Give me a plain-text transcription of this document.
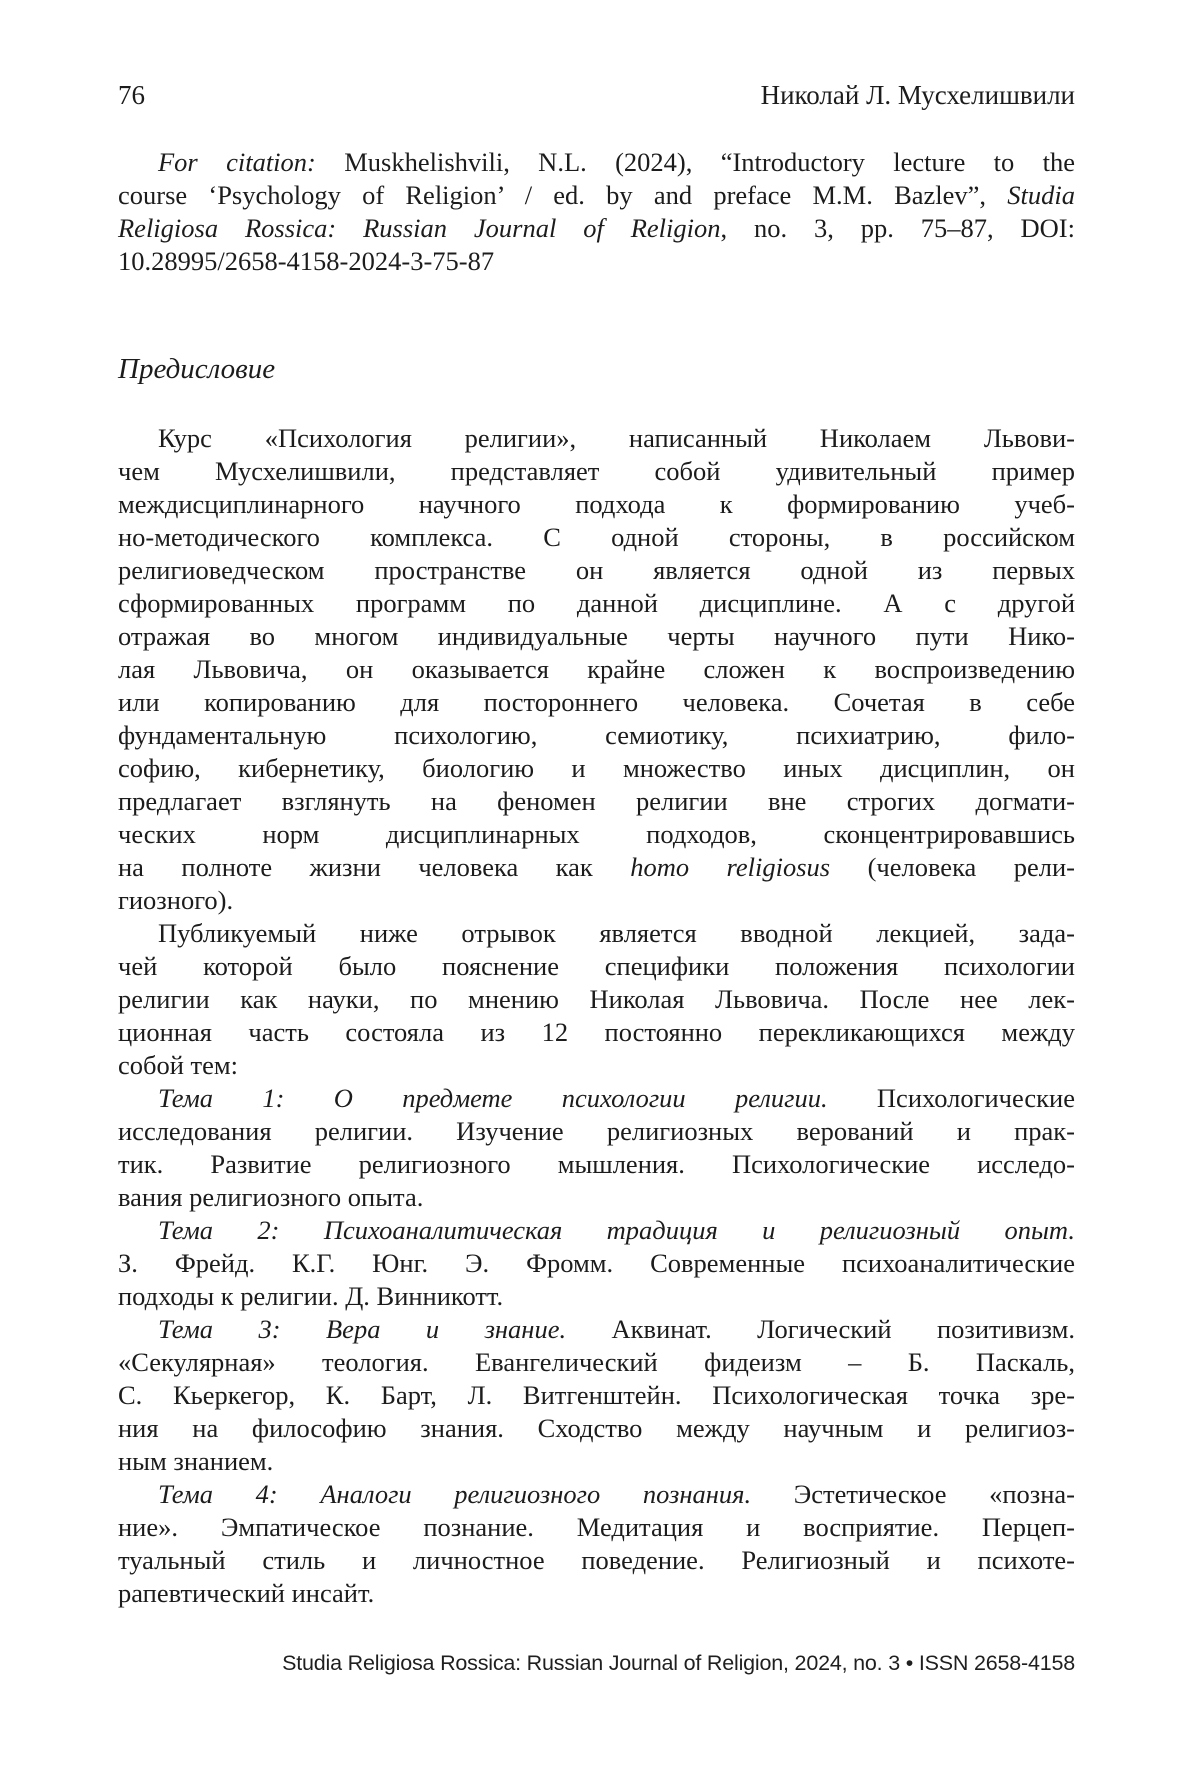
76	Николай Л. Мусхелишвили
For citation: Muskhelishvili, N.L. (2024), “Introductory lecture to the
course ‘Psychology of Religion’ / ed. by and preface M.M. Bazlev”, Studia
Religiosa Rossica: Russian Journal of Religion, no. 3, pp. 75–87, DOI:
10.28995/2658-4158-2024-3-75-87
Предисловие
Курс «Психология религии», написанный Николаем Львови-
чем Мусхелишвили, представляет собой удивительный пример
междисциплинарного научного подхода к формированию учеб-
но-методического комплекса. С одной стороны, в российском
религиоведческом пространстве он является одной из первых
сформированных программ по данной дисциплине. А с другой
отражая во многом индивидуальные черты научного пути Нико-
лая Львовича, он оказывается крайне сложен к воспроизведению
или копированию для постороннего человека. Сочетая в себе
фундаментальную психологию, семиотику, психиатрию, фило-
софию, кибернетику, биологию и множество иных дисциплин, он
предлагает взглянуть на феномен религии вне строгих догмати-
ческих норм дисциплинарных подходов, сконцентрировавшись
на полноте жизни человека как homo religiosus (человека рели-
гиозного).
Публикуемый ниже отрывок является вводной лекцией, зада-
чей которой было пояснение специфики положения психологии
религии как науки, по мнению Николая Львовича. После нее лек-
ционная часть состояла из 12 постоянно перекликающихся между
собой тем:
Тема 1: О предмете психологии религии. Психологические
исследования религии. Изучение религиозных верований и прак-
тик. Развитие религиозного мышления. Психологические исследо-
вания религиозного опыта.
Тема 2: Психоаналитическая традиция и религиозный опыт.
З. Фрейд. К.Г. Юнг. Э. Фромм. Современные психоаналитические
подходы к религии. Д. Винникотт.
Тема 3: Вера и знание. Аквинат. Логический позитивизм.
«Секулярная» теология. Евангелический фидеизм – Б. Паскаль,
С. Кьеркегор, К. Барт, Л. Витгенштейн. Психологическая точка зре-
ния на философию знания. Сходство между научным и религиоз-
ным знанием.
Тема 4: Аналоги религиозного познания. Эстетическое «позна-
ние». Эмпатическое познание. Медитация и восприятие. Перцеп-
туальный стиль и личностное поведение. Религиозный и психоте-
рапевтический инсайт.
Studia Religiosa Rossica: Russian Journal of Religion, 2024, no. 3 • ISSN 2658-4158
